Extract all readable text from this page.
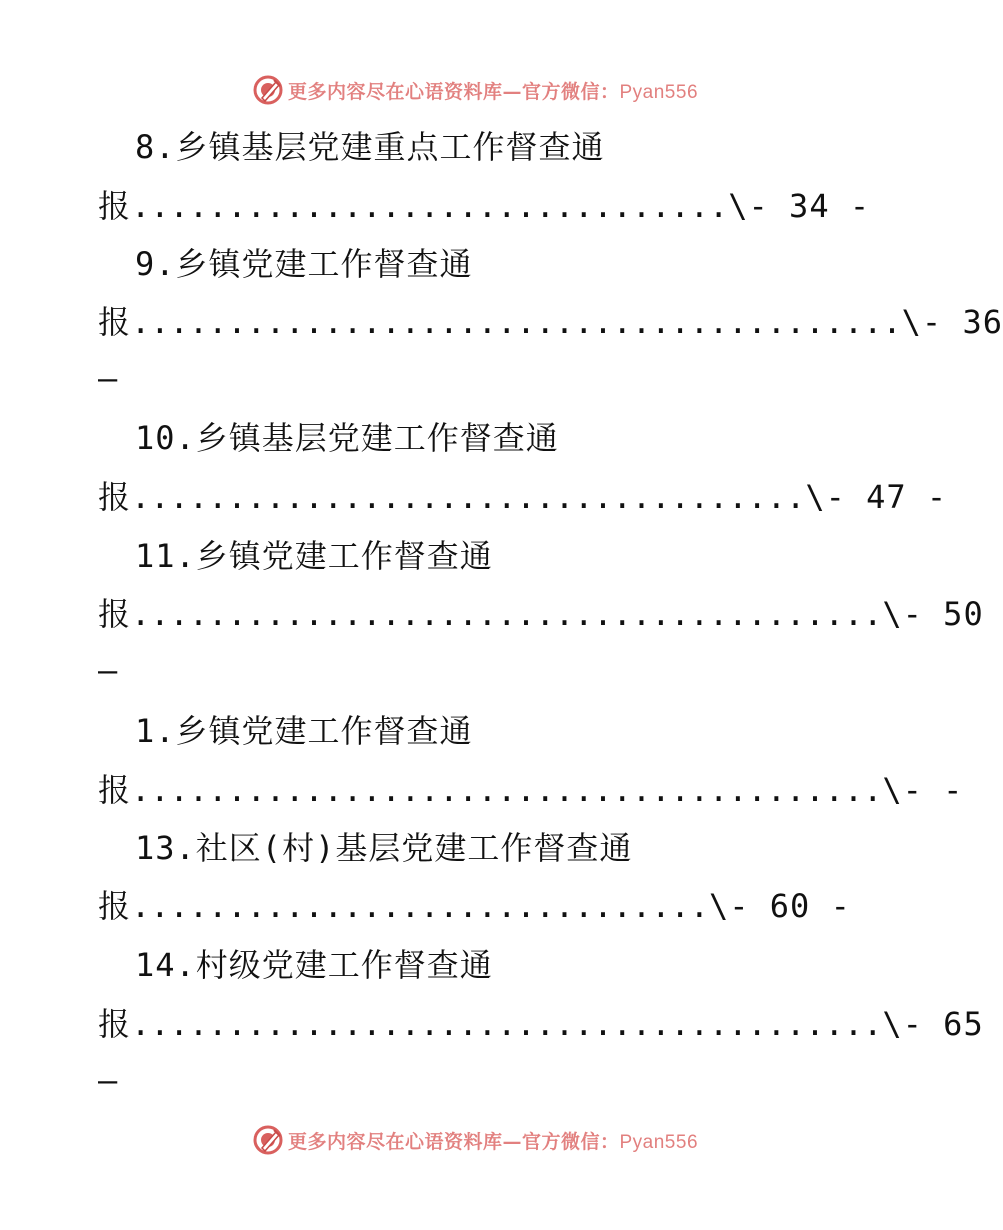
更多内容尽在心语资料库—官方微信：Pyan556
8.乡镇基层党建重点工作督查通
报...............................\- 34 -
9.乡镇党建工作督查通
报........................................\- 36
–
10.乡镇基层党建工作督查通
报...................................\- 47 -
11.乡镇党建工作督查通
报.......................................\- 50
–
1.乡镇党建工作督查通
报.......................................\- -
13.社区(村)基层党建工作督查通
报..............................\- 60 -
14.村级党建工作督查通
报.......................................\- 65
–
更多内容尽在心语资料库—官方微信：Pyan556
